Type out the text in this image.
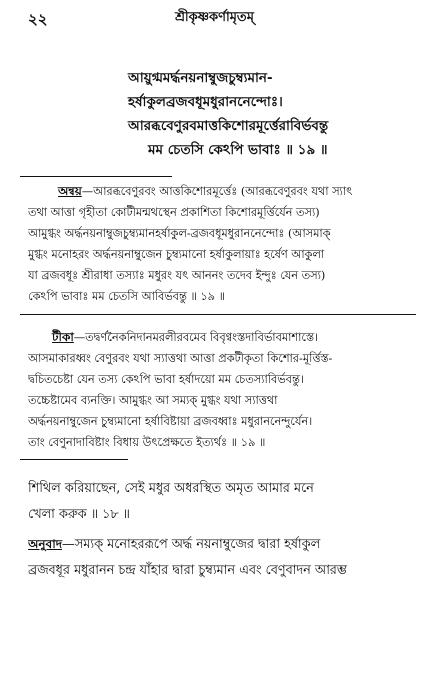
২২	শ্রীকৃষ্ণকর্ণামৃতম্‌
আয়ুগ্মমর্দ্ধনয়নাম্বুজচুম্ব্যমান-
হর্ষাকুলব্রজবধূমধুরাননেন্দোঃ।
আরব্ধবেণুরবমাত্তকিশোরমূর্ত্তেরাবির্ভবন্তু
মম চেতসি কেঽপি ভাবাঃ ॥ ১৯ ॥

অন্বয়—আরব্ধবেণুরবং আত্তকিশোরমূর্ত্তেঃ (আরব্ধবেণুরবং যথা স্যাৎ

তথা আত্তা গৃহীতা কোটীমন্মথস্থেন প্রকাশিতা কিশোরমূর্ত্তির্যেন তস্য)

আমুগ্ধং অর্দ্ধনয়নাম্বুজচুম্ব্যমানহর্ষাকুল-ব্রজবধূমধুরাননেন্দোঃ (আসমাক্

মুগ্ধং মনোহরং অর্দ্ধনয়নাম্বুজেন চুম্ব্যমানো হর্ষাকুলায়াঃ হর্ষেণ আকুলা

যা ব্রজবধূঃ শ্রীরাধা তস্যাঃ মধুরং যৎ আননং তদেব ইন্দুঃ যেন তস্য)

কেঽপি ভাবাঃ মম চেতসি আবির্ভবন্তু ॥ ১৯ ॥

টীকা—তদ্বর্ণনৈকনিদানমরলীরবমেব বিবৃণ্বংস্তদাবির্ভাবমাশাস্তে।

আসমাকারধ্বং বেণুরবং যথা স্যাত্তথা আত্তা প্রকটীকৃতা কিশোর-মূর্ত্তিস্ত-

দ্বচিতচেষ্টা যেন তস্য কেঽপি ভাবা হর্ষাদয়ো মম চেতস্যাবির্ভবন্তু।

তচ্চেষ্টামেব ব্যনক্তি। আমুগ্ধং আ সম্যক্ মুগ্ধং যথা স্যাত্তথা

অর্দ্ধনয়নাম্বুজেন চুম্ব্যমানো হর্ষাবিষ্টায়া ব্রজবধ্বাঃ মধুরাননেন্দুর্যেন।

তাং বেণুনাদাবিষ্টাং বিধায় উৎপ্রেক্ষতে ইত্যর্থঃ ॥ ১৯ ॥

শিথিল করিয়াছেন, সেই মধুর অধরস্থিত অমৃত আমার মনে

খেলা করুক ॥ ১৮ ॥

অনুবাদ—সম্যক্ মনোহররূপে অর্দ্ধ নয়নাম্বুজের দ্বারা হর্ষাকুল

ব্রজবধূর মধুরানন চন্দ্র যাঁহার দ্বারা চুম্ব্যমান এবং বেণুবাদন আরম্ভ
